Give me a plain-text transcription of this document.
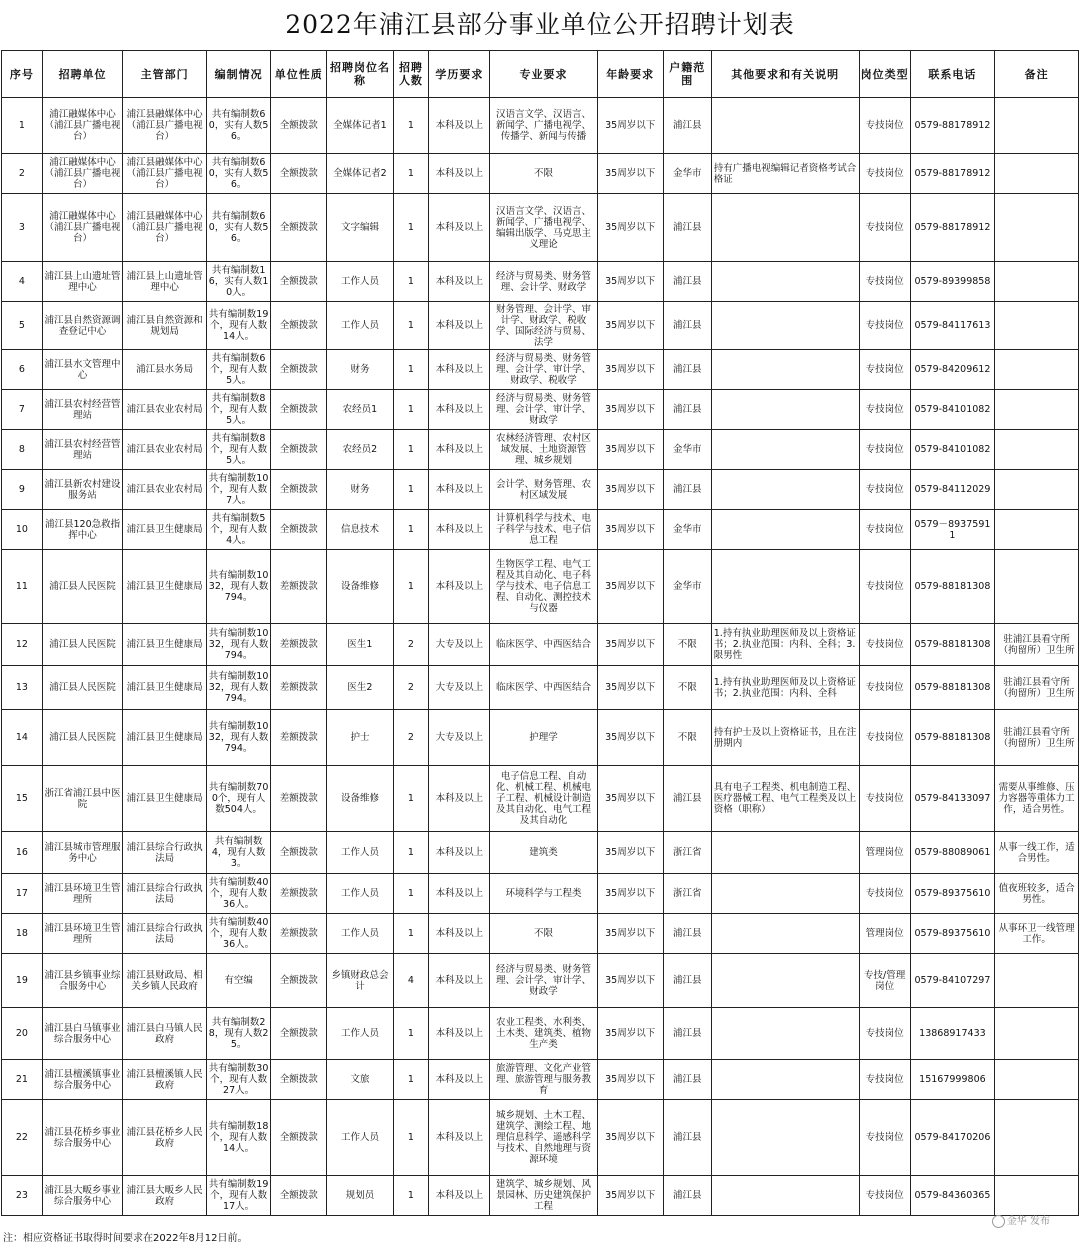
2022年浦江县部分事业单位公开招聘计划表
序号	招聘单位	主管部门	编制情况	单位性质	招聘岗位名称	招聘人数	学历要求	专业要求	年龄要求	户籍范围	其他要求和有关说明	岗位类型	联系电话	备注
1	浦江融媒体中心（浦江县广播电视台）	浦江县融媒体中心（浦江县广播电视台）	共有编制数60，实有人数56。	全额拨款	全媒体记者1	1	本科及以上	汉语言文学、汉语言、新闻学、广播电视学、传播学、新闻与传播	35周岁以下	浦江县		专技岗位	0579-88178912	
2	浦江融媒体中心（浦江县广播电视台）	浦江县融媒体中心（浦江县广播电视台）	共有编制数60，实有人数56。	全额拨款	全媒体记者2	1	本科及以上	不限	35周岁以下	金华市	持有广播电视编辑记者资格考试合格证	专技岗位	0579-88178912	
3	浦江融媒体中心（浦江县广播电视台）	浦江县融媒体中心（浦江县广播电视台）	共有编制数60，实有人数56。	全额拨款	文字编辑	1	本科及以上	汉语言文学、汉语言、新闻学、广播电视学、编辑出版学、马克思主义理论	35周岁以下	浦江县		专技岗位	0579-88178912	
4	浦江县上山遗址管理中心	浦江县上山遗址管理中心	共有编制数16，实有人数10人。	全额拨款	工作人员	1	本科及以上	经济与贸易类、财务管理、会计学、财政学	35周岁以下	浦江县		专技岗位	0579-89399858	
5	浦江县自然资源调查登记中心	浦江县自然资源和规划局	共有编制数19个，现有人数14人。	全额拨款	工作人员	1	本科及以上	财务管理、会计学、审计学、财政学、税收学、国际经济与贸易、法学	35周岁以下	浦江县		专技岗位	0579-84117613	
6	浦江县水文管理中心	浦江县水务局	共有编制数6个，现有人数5人。	全额拨款	财务	1	本科及以上	经济与贸易类、财务管理、会计学、审计学、财政学、税收学	35周岁以下	浦江县		专技岗位	0579-84209612	
7	浦江县农村经营管理站	浦江县农业农村局	共有编制数8个，现有人数5人。	全额拨款	农经员1	1	本科及以上	经济与贸易类、财务管理、会计学、审计学、财政学	35周岁以下	浦江县		专技岗位	0579-84101082	
8	浦江县农村经营管理站	浦江县农业农村局	共有编制数8个，现有人数5人。	全额拨款	农经员2	1	本科及以上	农林经济管理、农村区域发展、土地资源管理、城乡规划	35周岁以下	金华市		专技岗位	0579-84101082	
9	浦江县新农村建设服务站	浦江县农业农村局	共有编制数10个，现有人数7人。	全额拨款	财务	1	本科及以上	会计学、财务管理、农村区域发展	35周岁以下	浦江县		专技岗位	0579-84112029	
10	浦江县120急救指挥中心	浦江县卫生健康局	共有编制数5个，现有人数4人。	全额拨款	信息技术	1	本科及以上	计算机科学与技术、电子科学与技术、电子信息工程	35周岁以下	金华市		专技岗位	0579－89375911	
11	浦江县人民医院	浦江县卫生健康局	共有编制数1032，现有人数794。	差额拨款	设备维修	1	本科及以上	生物医学工程、电气工程及其自动化、电子科学与技术、电子信息工程、自动化、测控技术与仪器	35周岁以下	金华市		专技岗位	0579-88181308	
12	浦江县人民医院	浦江县卫生健康局	共有编制数1032，现有人数794。	差额拨款	医生1	2	大专及以上	临床医学、中西医结合	35周岁以下	不限	1.持有执业助理医师及以上资格证书；2.执业范围：内科、全科；3.限男性	专技岗位	0579-88181308	驻浦江县看守所（拘留所）卫生所
13	浦江县人民医院	浦江县卫生健康局	共有编制数1032，现有人数794。	差额拨款	医生2	2	大专及以上	临床医学、中西医结合	35周岁以下	不限	1.持有执业助理医师及以上资格证书；2.执业范围：内科、全科	专技岗位	0579-88181308	驻浦江县看守所（拘留所）卫生所
14	浦江县人民医院	浦江县卫生健康局	共有编制数1032，现有人数794。	差额拨款	护士	2	大专及以上	护理学	35周岁以下	不限	持有护士及以上资格证书，且在注册期内	专技岗位	0579-88181308	驻浦江县看守所（拘留所）卫生所
15	浙江省浦江县中医院	浦江县卫生健康局	共有编制数700个，现有人数504人。	差额拨款	设备维修	1	本科及以上	电子信息工程、自动化、机械工程、机械电子工程、机械设计制造及其自动化、电气工程及其自动化	35周岁以下	浦江县	具有电子工程类、机电制造工程、医疗器械工程、电气工程类及以上资格（职称）	专技岗位	0579-84133097	需要从事维修、压力容器等重体力工作，适合男性。
16	浦江县城市管理服务中心	浦江县综合行政执法局	共有编制数4，现有人数3。	全额拨款	工作人员	1	本科及以上	建筑类	35周岁以下	浙江省		管理岗位	0579-88089061	从事一线工作，适合男性。
17	浦江县环境卫生管理所	浦江县综合行政执法局	共有编制数40个，现有人数36人。	差额拨款	工作人员	1	本科及以上	环境科学与工程类	35周岁以下	浙江省		专技岗位	0579-89375610	值夜班较多，适合男性。
18	浦江县环境卫生管理所	浦江县综合行政执法局	共有编制数40个，现有人数36人。	差额拨款	工作人员	1	本科及以上	不限	35周岁以下	浦江县		管理岗位	0579-89375610	从事环卫一线管理工作。
19	浦江县乡镇事业综合服务中心	浦江县财政局、相关乡镇人民政府	有空编	全额拨款	乡镇财政总会计	4	本科及以上	经济与贸易类、财务管理、会计学、审计学、财政学	35周岁以下	浦江县		专技/管理岗位	0579-84107297	
20	浦江县白马镇事业综合服务中心	浦江县白马镇人民政府	共有编制数28，现有人数25。	全额拨款	工作人员	1	本科及以上	农业工程类、水利类、土木类、建筑类、植物生产类	35周岁以下	浦江县		专技岗位	13868917433	
21	浦江县檀溪镇事业综合服务中心	浦江县檀溪镇人民政府	共有编制数30个，现有人数27人。	全额拨款	文旅	1	本科及以上	旅游管理、文化产业管理、旅游管理与服务教育	35周岁以下	浦江县		专技岗位	15167999806	
22	浦江县花桥乡事业综合服务中心	浦江县花桥乡人民政府	共有编制数18个，现有人数14人。	全额拨款	工作人员	1	本科及以上	城乡规划、土木工程、建筑学、测绘工程、地理信息科学、遥感科学与技术、自然地理与资源环境	35周岁以下	浦江县		专技岗位	0579-84170206	
23	浦江县大畈乡事业综合服务中心	浦江县大畈乡人民政府	共有编制数19个，现有人数17人。	全额拨款	规划员	1	本科及以上	建筑学、城乡规划、风景园林、历史建筑保护工程	35周岁以下	浦江县		专技岗位	0579-84360365	
注：相应资格证书取得时间要求在2022年8月12日前。
金华 发布
